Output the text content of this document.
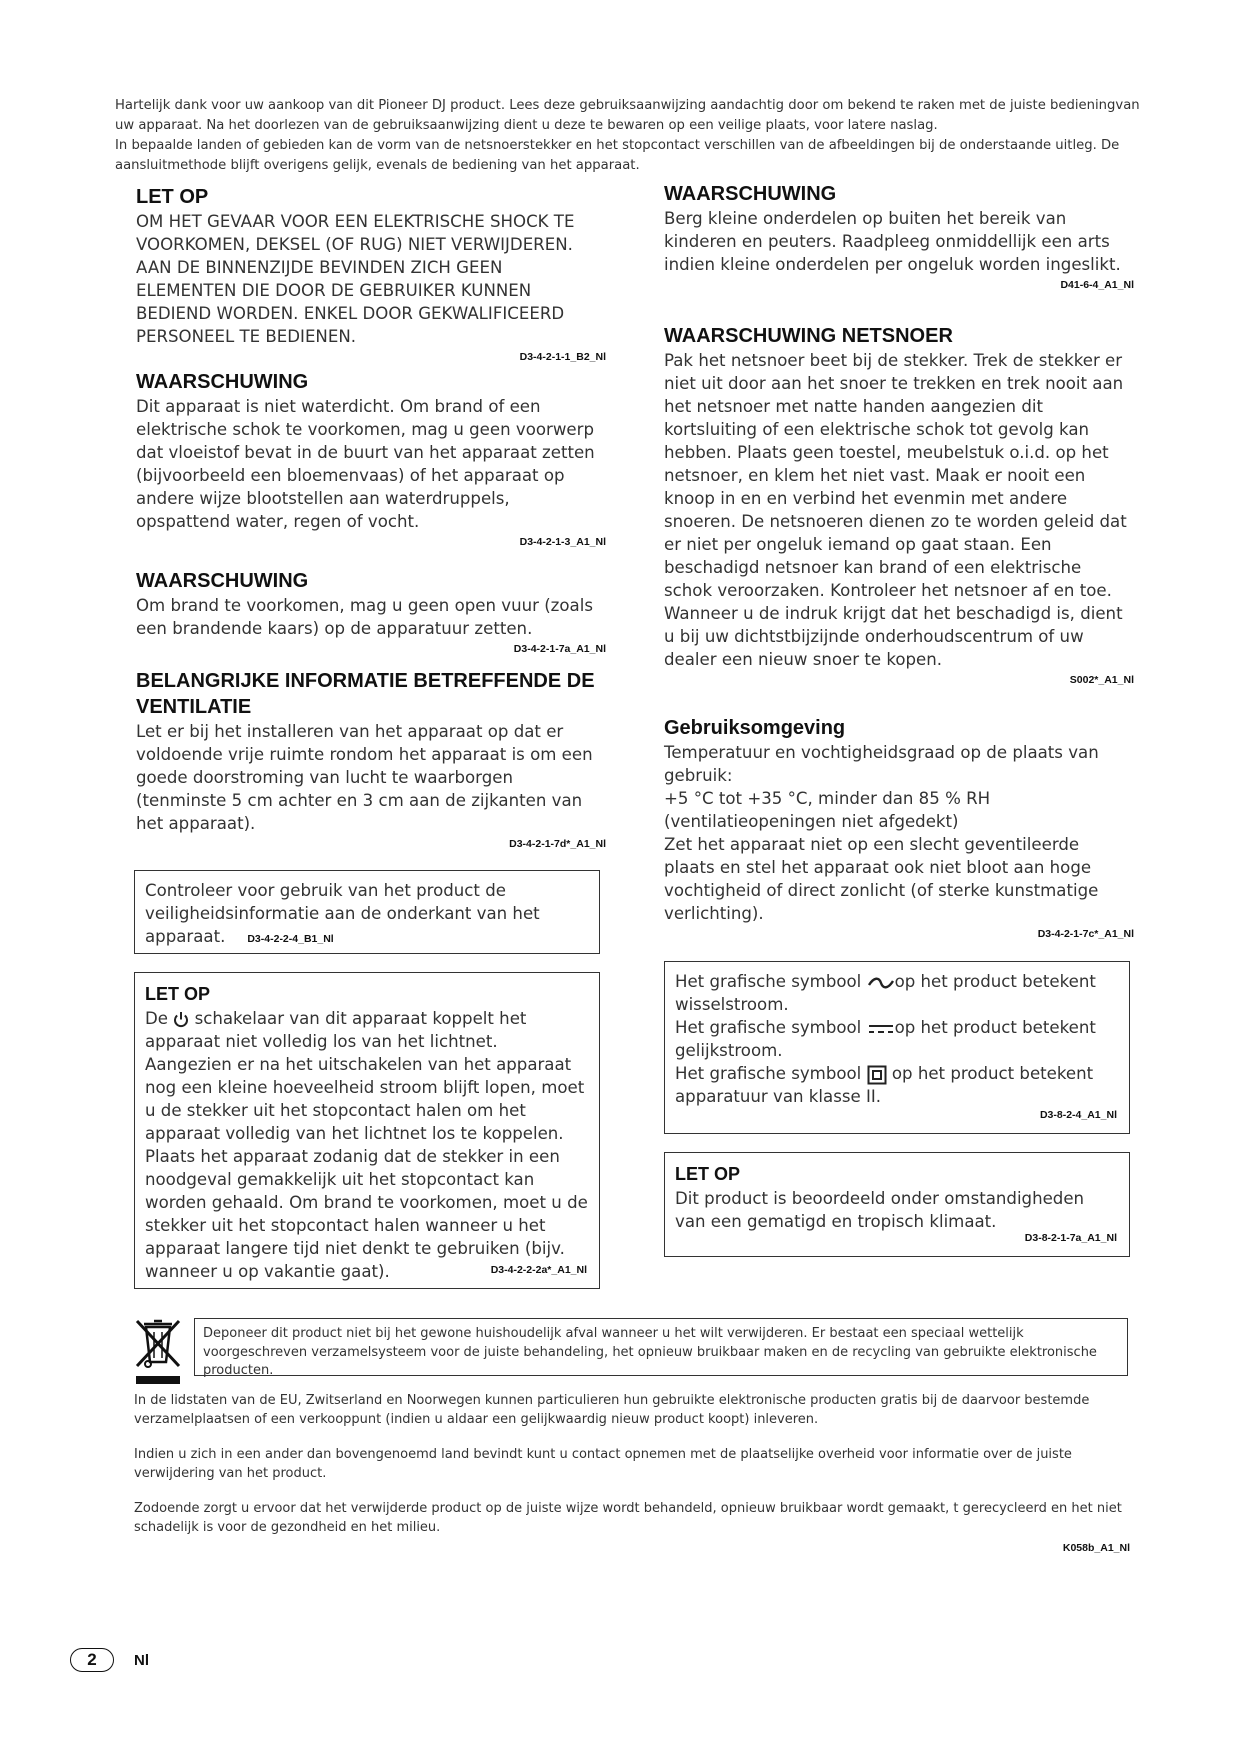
Hartelijk dank voor uw aankoop van dit Pioneer DJ product. Lees deze gebruiksaanwijzing aandachtig door om bekend te raken met de juiste bedieningvan uw apparaat. Na het doorlezen van de gebruiksaanwijzing dient u deze te bewaren op een veilige plaats, voor latere naslag.

In bepaalde landen of gebieden kan de vorm van de netsnoerstekker en het stopcontact verschillen van de afbeeldingen bij de onderstaande uitleg. De aansluitmethode blijft overigens gelijk, evenals de bediening van het apparaat.

LET OP

OM HET GEVAAR VOOR EEN ELEKTRISCHE SHOCK TE VOORKOMEN, DEKSEL (OF RUG) NIET VERWIJDEREN. AAN DE BINNENZIJDE BEVINDEN ZICH GEEN ELEMENTEN DIE DOOR DE GEBRUIKER KUNNEN BEDIEND WORDEN. ENKEL DOOR GEKWALIFICEERD PERSONEEL TE BEDIENEN.

D3-4-2-1-1_B2_Nl
WAARSCHUWING

Dit apparaat is niet waterdicht. Om brand of een elektrische schok te voorkomen, mag u geen voorwerp dat vloeistof bevat in de buurt van het apparaat zetten (bijvoorbeeld een bloemenvaas) of het apparaat op andere wijze blootstellen aan waterdruppels, opspattend water, regen of vocht.

D3-4-2-1-3_A1_Nl
WAARSCHUWING

Om brand te voorkomen, mag u geen open vuur (zoals een brandende kaars) op de apparatuur zetten.

D3-4-2-1-7a_A1_Nl
BELANGRIJKE INFORMATIE BETREFFENDE DE VENTILATIE

Let er bij het installeren van het apparaat op dat er voldoende vrije ruimte rondom het apparaat is om een goede doorstroming van lucht te waarborgen (tenminste 5 cm achter en 3 cm aan de zijkanten van het apparaat).

D3-4-2-1-7d*_A1_Nl

Controleer voor gebruik van het product de veiligheidsinformatie aan de onderkant van het apparaat. D3-4-2-2-4_B1_Nl

LET OP

De schakelaar van dit apparaat koppelt het apparaat niet volledig los van het lichtnet. Aangezien er na het uitschakelen van het apparaat nog een kleine hoeveelheid stroom blijft lopen, moet u de stekker uit het stopcontact halen om het apparaat volledig van het lichtnet los te koppelen. Plaats het apparaat zodanig dat de stekker in een noodgeval gemakkelijk uit het stopcontact kan worden gehaald. Om brand te voorkomen, moet u de stekker uit het stopcontact halen wanneer u het apparaat langere tijd niet denkt te gebruiken (bijv. wanneer u op vakantie gaat).	D3-4-2-2-2a*_A1_Nl
WAARSCHUWING

Berg kleine onderdelen op buiten het bereik van kinderen en peuters. Raadpleeg onmiddellijk een arts indien kleine onderdelen per ongeluk worden ingeslikt.

D41-6-4_A1_Nl
WAARSCHUWING NETSNOER

Pak het netsnoer beet bij de stekker. Trek de stekker er niet uit door aan het snoer te trekken en trek nooit aan het netsnoer met natte handen aangezien dit kortsluiting of een elektrische schok tot gevolg kan hebben. Plaats geen toestel, meubelstuk o.i.d. op het netsnoer, en klem het niet vast. Maak er nooit een knoop in en en verbind het evenmin met andere snoeren. De netsnoeren dienen zo te worden geleid dat er niet per ongeluk iemand op gaat staan. Een beschadigd netsnoer kan brand of een elektrische schok veroorzaken. Kontroleer het netsnoer af en toe. Wanneer u de indruk krijgt dat het beschadigd is, dient u bij uw dichtstbijzijnde onderhoudscentrum of uw dealer een nieuw snoer te kopen.

S002*_A1_Nl
Gebruiksomgeving

Temperatuur en vochtigheidsgraad op de plaats van gebruik:

+5 °C tot +35 °C, minder dan 85 % RH

(ventilatieopeningen niet afgedekt)

Zet het apparaat niet op een slecht geventileerde plaats en stel het apparaat ook niet bloot aan hoge vochtigheid of direct zonlicht (of sterke kunstmatige verlichting).

D3-4-2-1-7c*_A1_Nl

Het grafische symbool op het product betekent wisselstroom.

Het grafische symbool op het product betekent gelijkstroom.

Het grafische symbool op het product betekent apparatuur van klasse II.

D3-8-2-4_A1_Nl
LET OP

Dit product is beoordeeld onder omstandigheden van een gematigd en tropisch klimaat.

D3-8-2-1-7a_A1_Nl

Deponeer dit product niet bij het gewone huishoudelijk afval wanneer u het wilt verwijderen. Er bestaat een speciaal wettelijk voorgeschreven verzamelsysteem voor de juiste behandeling, het opnieuw bruikbaar maken en de recycling van gebruikte elektronische producten.

In de lidstaten van de EU, Zwitserland en Noorwegen kunnen particulieren hun gebruikte elektronische producten gratis bij de daarvoor bestemde verzamelplaatsen of een verkooppunt (indien u aldaar een gelijkwaardig nieuw product koopt) inleveren.

Indien u zich in een ander dan bovengenoemd land bevindt kunt u contact opnemen met de plaatselijke overheid voor informatie over de juiste verwijdering van het product.

Zodoende zorgt u ervoor dat het verwijderde product op de juiste wijze wordt behandeld, opnieuw bruikbaar wordt gemaakt, t gerecycleerd en het niet schadelijk is voor de gezondheid en het milieu.

K058b_A1_Nl
2	Nl
